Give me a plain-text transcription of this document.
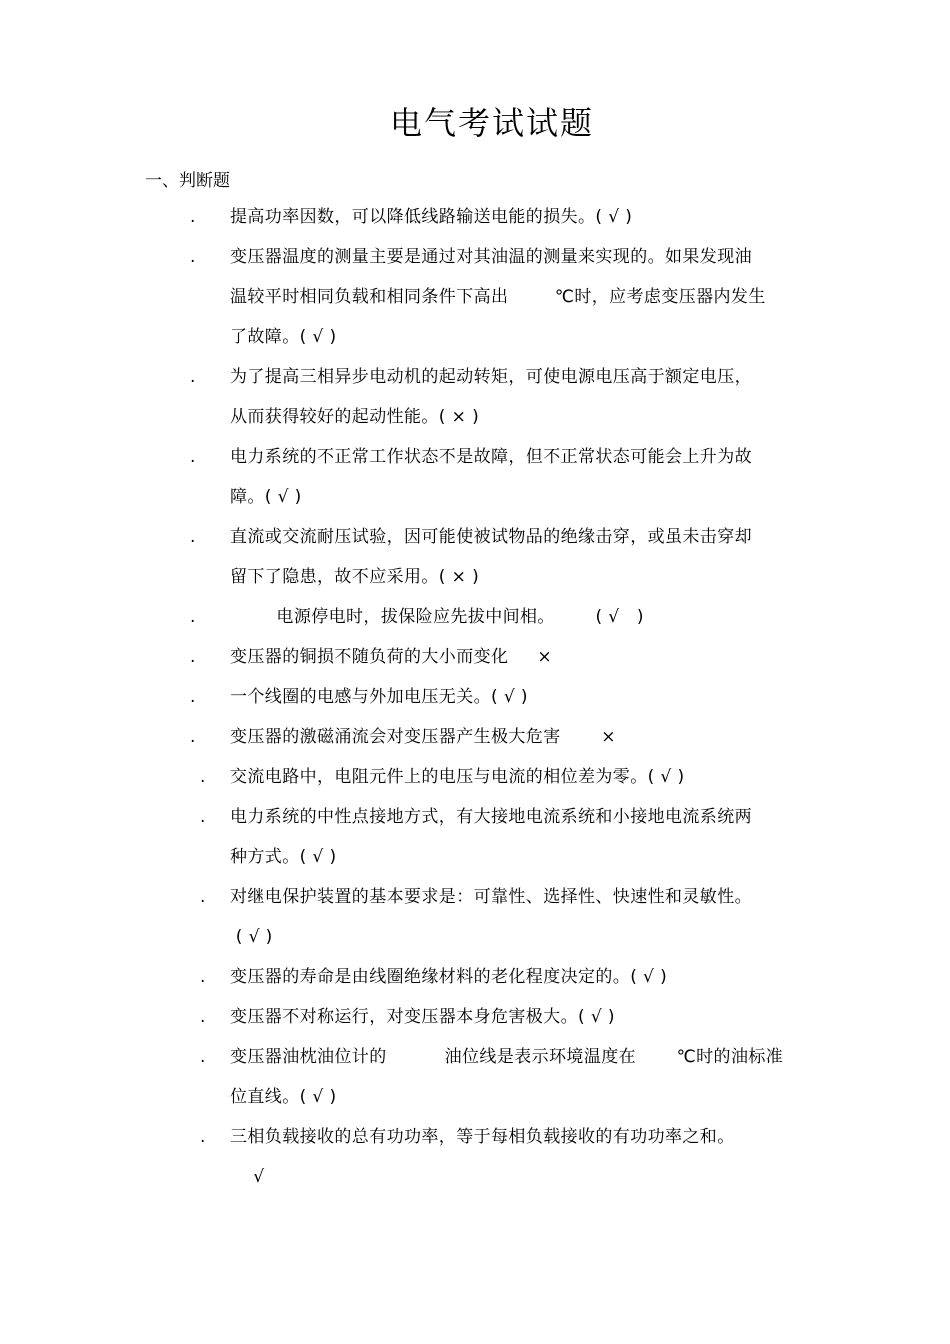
电气考试试题
一、判断题
. 提高功率因数，可以降低线路输送电能的损失。( √ )
. 变压器温度的测量主要是通过对其油温的测量来实现的。如果发现油
温较平时相同负载和相同条件下高出        ℃时，应考虑变压器内发生
了故障。( √ )
. 为了提高三相异步电动机的起动转矩，可使电源电压高于额定电压，
从而获得较好的起动性能。( × )
. 电力系统的不正常工作状态不是故障，但不正常状态可能会上升为故
障。( √ )
. 直流或交流耐压试验，因可能使被试物品的绝缘击穿，或虽未击穿却
留下了隐患，故不应采用。( × )
. 电源停电时，拔保险应先拔中间相。       ( √   )
. 变压器的铜损不随负荷的大小而变化     ×
. 一个线圈的电感与外加电压无关。( √ )
. 变压器的激磁涌流会对变压器产生极大危害       ×
. 交流电路中，电阻元件上的电压与电流的相位差为零。( √ )
. 电力系统的中性点接地方式，有大接地电流系统和小接地电流系统两
种方式。( √ )
. 对继电保护装置的基本要求是：可靠性、选择性、快速性和灵敏性。
( √ )
. 变压器的寿命是由线圈绝缘材料的老化程度决定的。( √ )
. 变压器不对称运行，对变压器本身危害极大。( √ )
. 变压器油枕油位计的          油位线是表示环境温度在       ℃时的油标准
位直线。( √ )
. 三相负载接收的总有功功率，等于每相负载接收的有功功率之和。
√
